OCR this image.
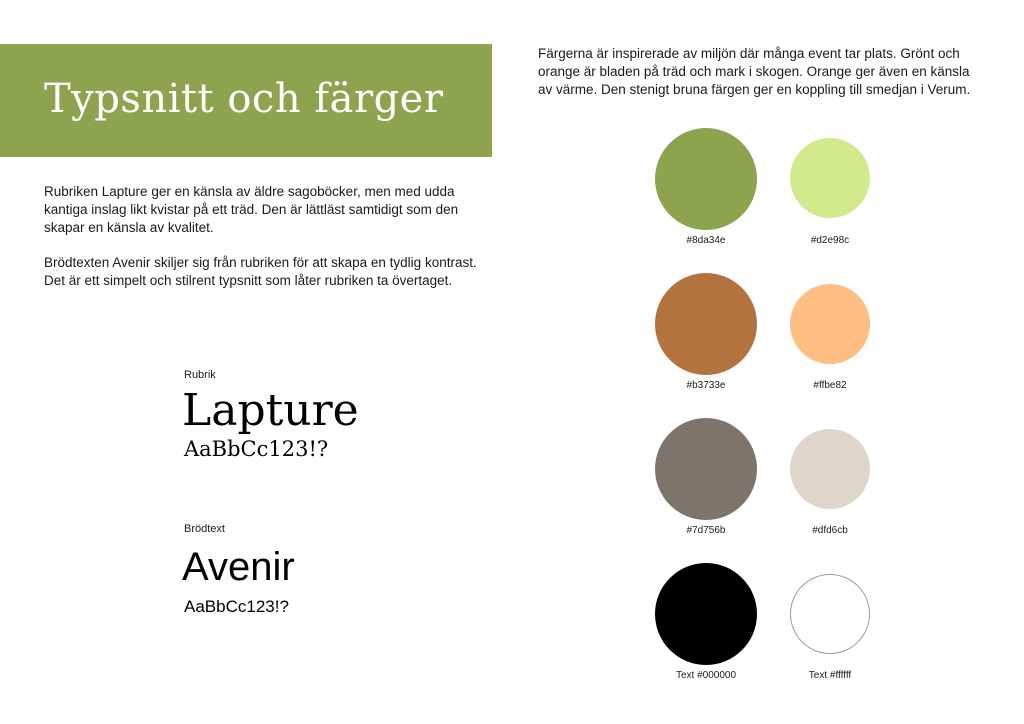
Typsnitt och färger

Rubriken Lapture ger en känsla av äldre sagoböcker, men med udda kantiga inslag likt kvistar på ett träd. Den är lättläst samtidigt som den skapar en känsla av kvalitet.

Brödtexten Avenir skiljer sig från rubriken för att skapa en tydlig kontrast. Det är ett simpelt och stilrent typsnitt som låter rubriken ta övertaget.

Rubrik
Lapture
AaBbCc123!?
Brödtext
Avenir
AaBbCc123!?

Färgerna är inspirerade av miljön där många event tar plats. Grönt och orange är bladen på träd och mark i skogen. Orange ger även en känsla av värme. Den stenigt bruna färgen ger en koppling till smedjan i Verum.

#8da34e	#d2e98c
#b3733e	#ffbe82
#7d756b	#dfd6cb
Text #000000	Text #ffffff
